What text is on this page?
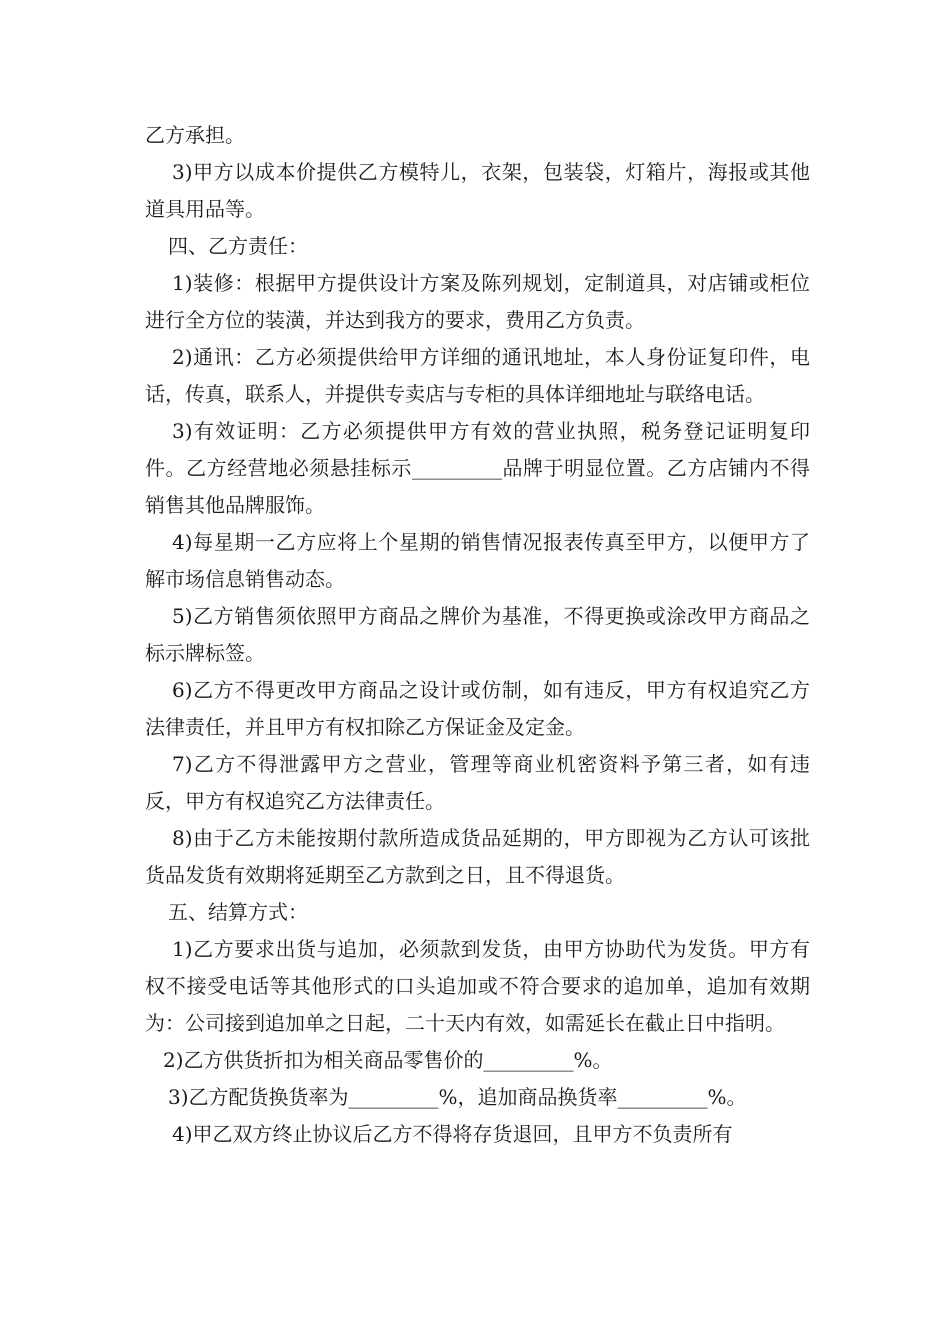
乙方承担。

3)甲方以成本价提供乙方模特儿，衣架，包装袋，灯箱片，海报或其他道具用品等。

四、乙方责任：

1)装修：根据甲方提供设计方案及陈列规划，定制道具，对店铺或柜位进行全方位的装潢，并达到我方的要求，费用乙方负责。

2)通讯：乙方必须提供给甲方详细的通讯地址，本人身份证复印件，电话，传真，联系人，并提供专卖店与专柜的具体详细地址与联络电话。

3)有效证明：乙方必须提供甲方有效的营业执照，税务登记证明复印件。乙方经营地必须悬挂标示_________品牌于明显位置。乙方店铺内不得销售其他品牌服饰。

4)每星期一乙方应将上个星期的销售情况报表传真至甲方，以便甲方了解市场信息销售动态。

5)乙方销售须依照甲方商品之牌价为基准，不得更换或涂改甲方商品之标示牌标签。

6)乙方不得更改甲方商品之设计或仿制，如有违反，甲方有权追究乙方法律责任，并且甲方有权扣除乙方保证金及定金。

7)乙方不得泄露甲方之营业，管理等商业机密资料予第三者，如有违反，甲方有权追究乙方法律责任。

8)由于乙方未能按期付款所造成货品延期的，甲方即视为乙方认可该批货品发货有效期将延期至乙方款到之日，且不得退货。

五、结算方式：

1)乙方要求出货与追加，必须款到发货，由甲方协助代为发货。甲方有权不接受电话等其他形式的口头追加或不符合要求的追加单，追加有效期为：公司接到追加单之日起，二十天内有效，如需延长在截止日中指明。

2)乙方供货折扣为相关商品零售价的_________%。

3)乙方配货换货率为_________%，追加商品换货率_________%。

4)甲乙双方终止协议后乙方不得将存货退回，且甲方不负责所有
